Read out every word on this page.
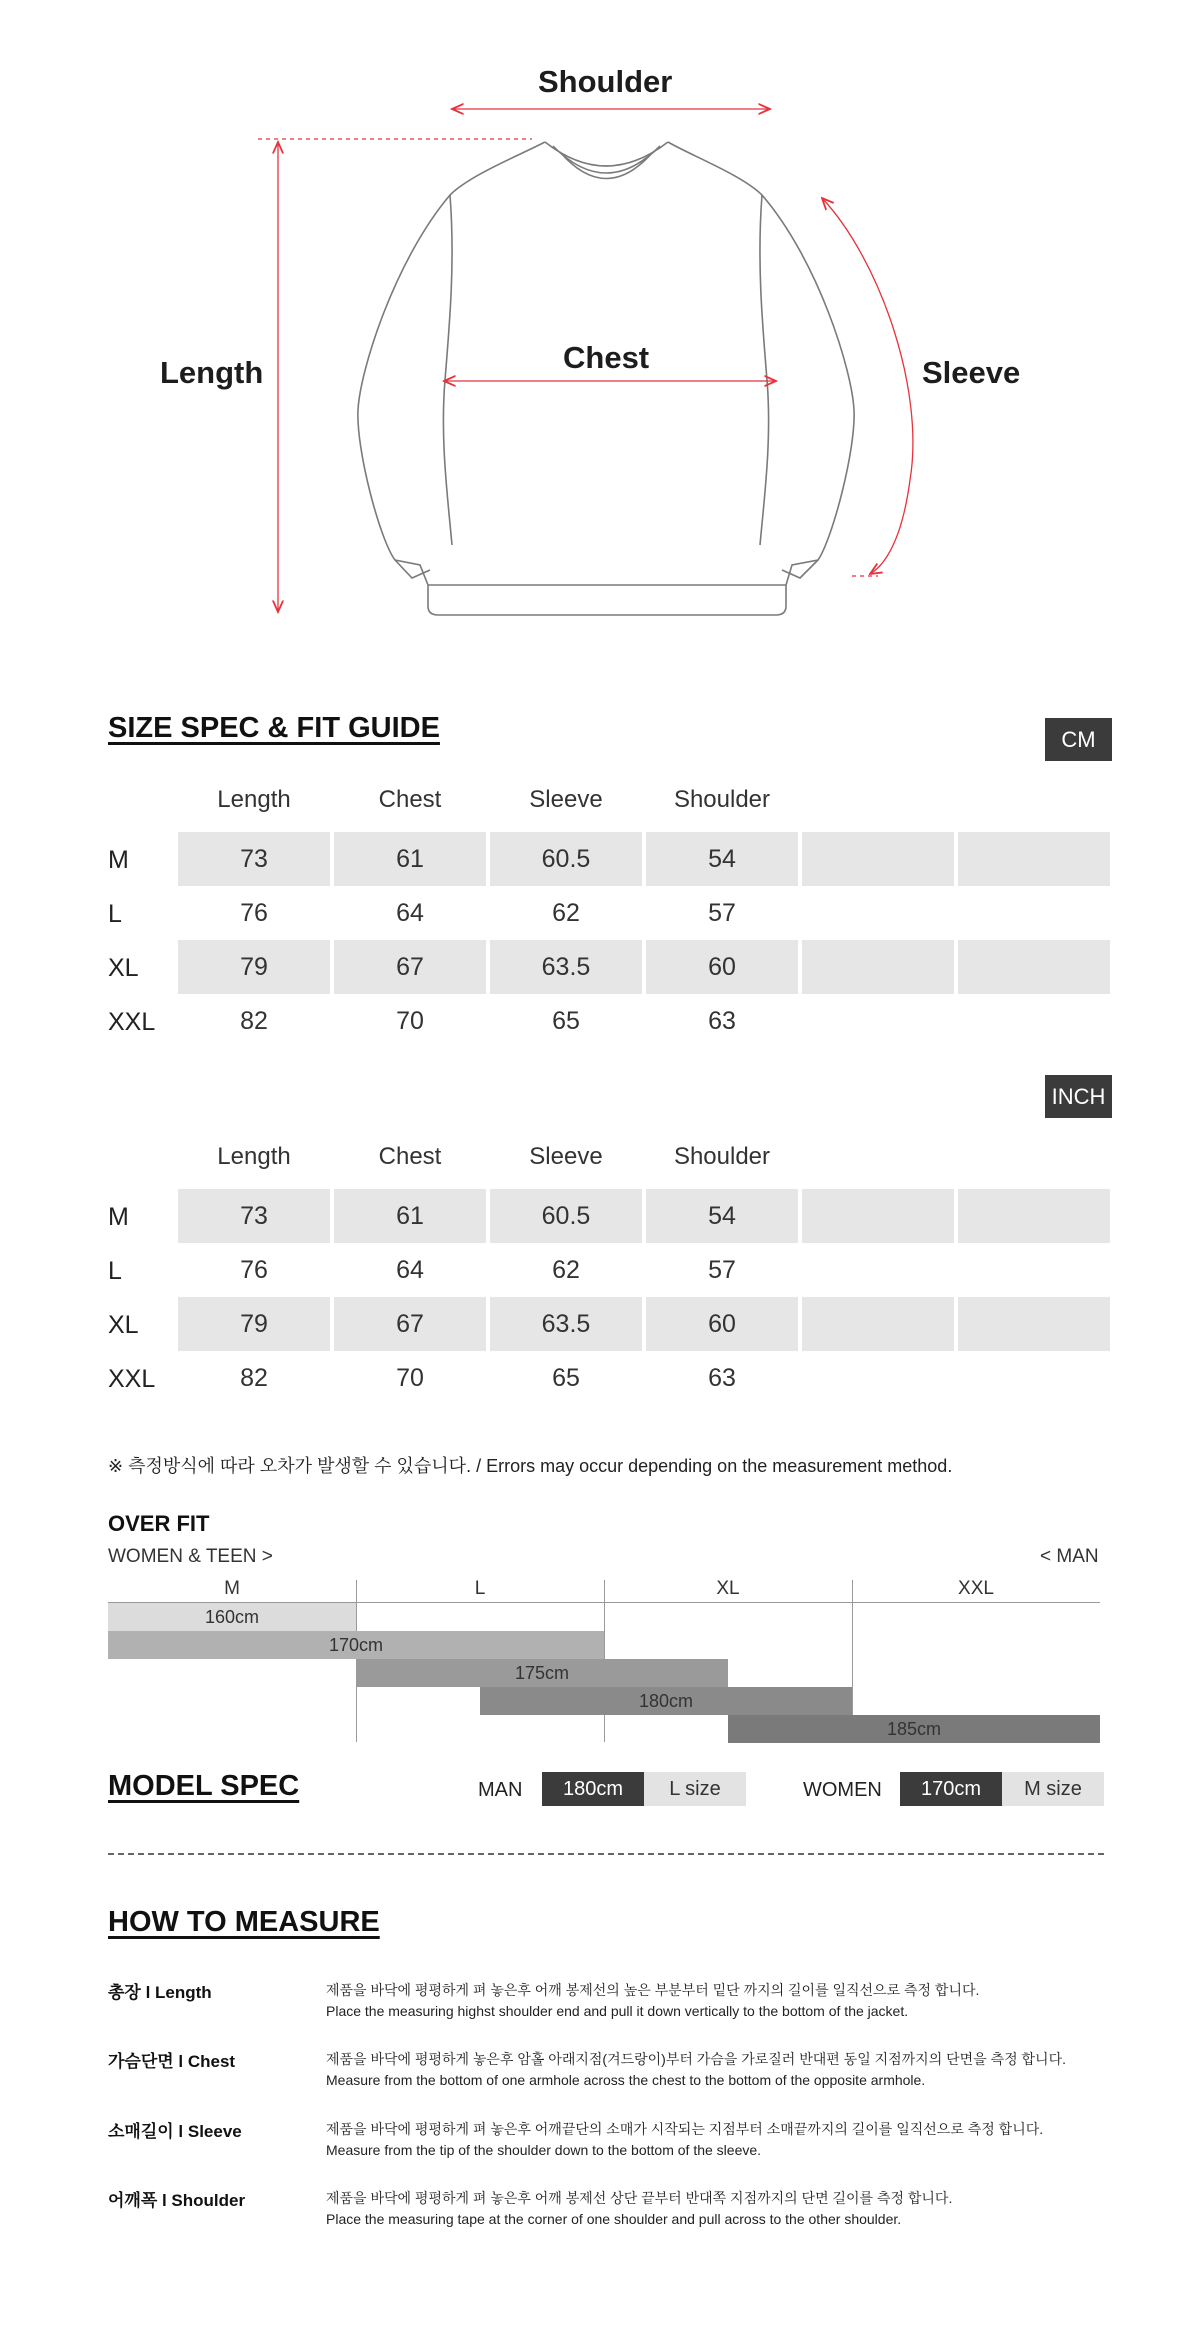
Shoulder
Length	Chest	Sleeve
SIZE SPEC & FIT GUIDE	CM
Length	Chest	Sleeve	Shoulder
M	73	61	60.5	54
L	76	64	62	57
XL	79	67	63.5	60
XXL	82	70	65	63
INCH
Length	Chest	Sleeve	Shoulder
M	73	61	60.5	54
L	76	64	62	57
XL	79	67	63.5	60
XXL	82	70	65	63
※ 측정방식에 따라 오차가 발생할 수 있습니다. / Errors may occur depending on the measurement method.
OVER FIT
WOMEN & TEEN >	< MAN
M	L	XL	XXL
160cm
170cm
175cm
180cm
185cm
MODEL SPEC	MAN	180cm	L size	WOMEN	170cm	M size
HOW TO MEASURE
총장 l Length	제품을 바닥에 평평하게 펴 놓은후 어깨 봉제선의 높은 부분부터 밑단 까지의 길이를 일직선으로 측정 합니다.
Place the measuring highst shoulder end and pull it down vertically to the bottom of the jacket.
가슴단면 l Chest	제품을 바닥에 평평하게 놓은후 암홀 아래지점(겨드랑이)부터 가슴을 가로질러 반대편 동일 지점까지의 단면을 측정 합니다.
Measure from the bottom of one armhole across the chest to the bottom of the opposite armhole.
소매길이 l Sleeve	제품을 바닥에 평평하게 펴 놓은후 어깨끝단의 소매가 시작되는 지점부터 소매끝까지의 길이를 일직선으로 측정 합니다.
Measure from the tip of the shoulder down to the bottom of the sleeve.
어깨폭 l Shoulder	제품을 바닥에 평평하게 펴 놓은후 어깨 봉제선 상단 끝부터 반대쪽 지점까지의 단면 길이를 측정 합니다.
Place the measuring tape at the corner of one shoulder and pull across to the other shoulder.
